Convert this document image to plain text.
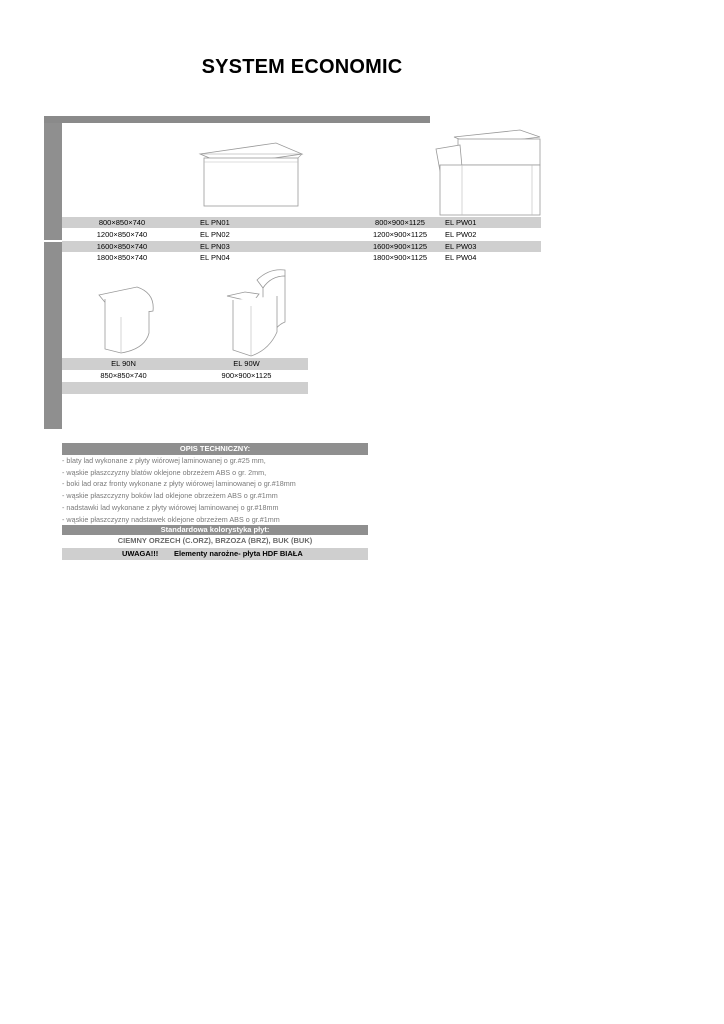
SYSTEM ECONOMIC
800×850×740	EL PN01	800×900×1125	EL PW01
1200×850×740	EL PN02	1200×900×1125	EL PW02
1600×850×740	EL PN03	1600×900×1125	EL PW03
1800×850×740	EL PN04	1800×900×1125	EL PW04
EL 90N	EL 90W
850×850×740	900×900×1125
OPIS TECHNICZNY:
- blaty lad wykonane z płyty wiórowej laminowanej o gr.#25 mm,
- wąskie płaszczyzny blatów oklejone obrzeżem ABS o gr. 2mm,
- boki lad oraz fronty wykonane z płyty wiórowej laminowanej o gr.#18mm
- wąskie płaszczyzny boków lad oklejone obrzeżem ABS o gr.#1mm
- nadstawki lad wykonane z płyty wiórowej laminowanej o gr.#18mm
- wąskie płaszczyzny nadstawek oklejone obrzeżem ABS o gr.#1mm
Standardowa kolorystyka płyt:
CIEMNY ORZECH (C.ORZ), BRZOZA (BRZ), BUK (BUK)
UWAGA!!! Elementy narożne- płyta HDF BIAŁA
